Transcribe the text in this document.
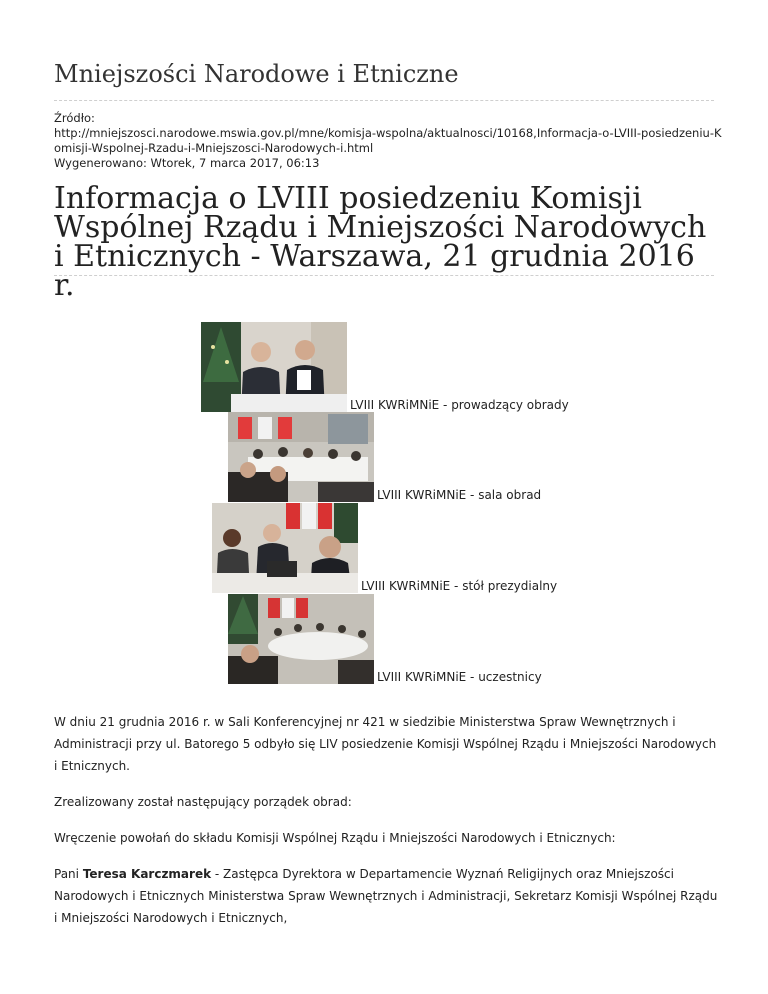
Mniejszości Narodowe i Etniczne
Źródło:
http://mniejszosci.narodowe.mswia.gov.pl/mne/komisja-wspolna/aktualnosci/10168,Informacja-o-LVIII-posiedzeniu-Komisji-Wspolnej-Rzadu-i-Mniejszosci-Narodowych-i.html
Wygenerowano: Wtorek, 7 marca 2017, 06:13
Informacja o LVIII posiedzeniu Komisji Wspólnej Rządu i Mniejszości Narodowych i Etnicznych - Warszawa, 21 grudnia 2016 r.
LVIII KWRiMNiE - prowadzący obrady
LVIII KWRiMNiE - sala obrad
LVIII KWRiMNiE - stół prezydialny
LVIII KWRiMNiE - uczestnicy

W dniu 21 grudnia 2016 r. w Sali Konferencyjnej nr 421 w siedzibie Ministerstwa Spraw Wewnętrznych i Administracji przy ul. Batorego 5 odbyło się LIV posiedzenie Komisji Wspólnej Rządu i Mniejszości Narodowych i Etnicznych.

Zrealizowany został następujący porządek obrad:

Wręczenie powołań do składu Komisji Wspólnej Rządu i Mniejszości Narodowych i Etnicznych:

Pani Teresa Karczmarek - Zastępca Dyrektora w Departamencie Wyznań Religijnych oraz Mniejszości Narodowych i Etnicznych Ministerstwa Spraw Wewnętrznych i Administracji, Sekretarz Komisji Wspólnej Rządu i Mniejszości Narodowych i Etnicznych,
